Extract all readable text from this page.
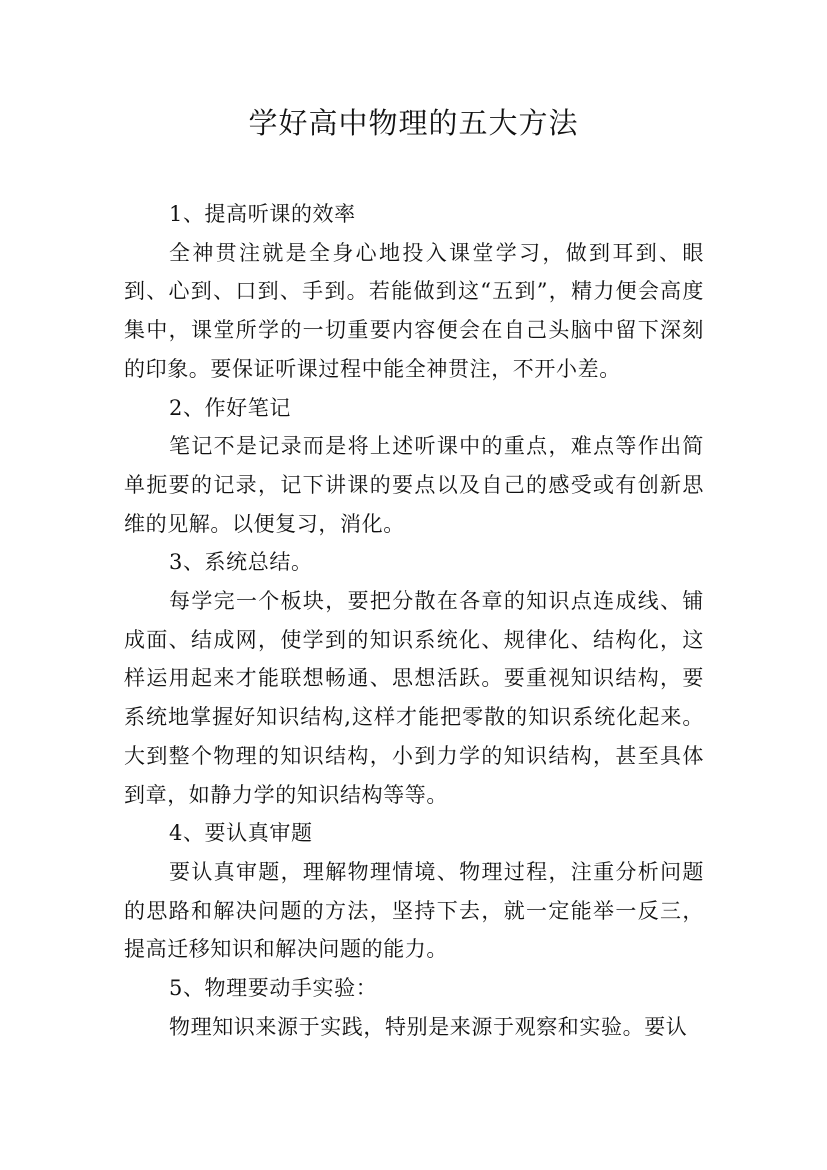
学好高中物理的五大方法

1、提高听课的效率

全神贯注就是全身心地投入课堂学习，做到耳到、眼到、心到、口到、手到。若能做到这“五到”，精力便会高度集中，课堂所学的一切重要内容便会在自己头脑中留下深刻的印象。要保证听课过程中能全神贯注，不开小差。

2、作好笔记

笔记不是记录而是将上述听课中的重点，难点等作出简单扼要的记录，记下讲课的要点以及自己的感受或有创新思维的见解。以便复习，消化。

3、系统总结。

每学完一个板块，要把分散在各章的知识点连成线、铺成面、结成网，使学到的知识系统化、规律化、结构化，这样运用起来才能联想畅通、思想活跃。要重视知识结构，要系统地掌握好知识结构,这样才能把零散的知识系统化起来。大到整个物理的知识结构，小到力学的知识结构，甚至具体到章，如静力学的知识结构等等。

4、要认真审题

要认真审题，理解物理情境、物理过程，注重分析问题的思路和解决问题的方法，坚持下去，就一定能举一反三，提高迁移知识和解决问题的能力。

5、物理要动手实验：

物理知识来源于实践，特别是来源于观察和实验。要认
